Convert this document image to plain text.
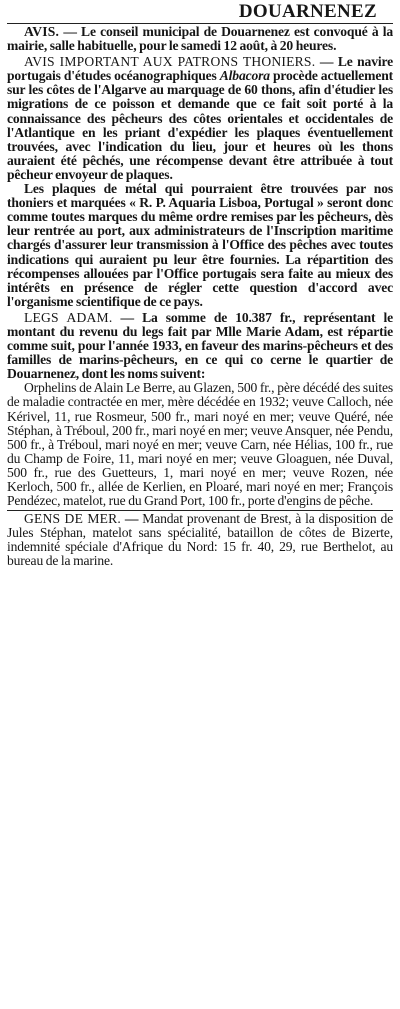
DOUARNENEZ

AVIS. — Le conseil municipal de Douarnenez est convoqué à la mairie, salle habituelle, pour le samedi 12 août, à 20 heures.

AVIS IMPORTANT AUX PATRONS THONIERS. — Le navire portugais d'études océanographiques Albacora procède actuellement sur les côtes de l'Algarve au marquage de 60 thons, afin d'étudier les migrations de ce poisson et demande que ce fait soit porté à la connaissance des pêcheurs des côtes orientales et occidentales de l'Atlantique en les priant d'expédier les plaques éventuellement trouvées, avec l'indication du lieu, jour et heures où les thons auraient été pêchés, une récompense devant être attribuée à tout pêcheur envoyeur de plaques.

Les plaques de métal qui pourraient être trouvées par nos thoniers et marquées « R. P. Aquaria Lisboa, Portugal » seront donc comme toutes marques du même ordre remises par les pêcheurs, dès leur rentrée au port, aux administrateurs de l'Inscription maritime chargés d'assurer leur transmission à l'Office des pêches avec toutes indications qui auraient pu leur être fournies. La répartition des récompenses allouées par l'Office portugais sera faite au mieux des intérêts en présence de régler cette question d'accord avec l'organisme scientifique de ce pays.

LEGS ADAM. — La somme de 10.387 fr., représentant le montant du revenu du legs fait par Mlle Marie Adam, est répartie comme suit, pour l'année 1933, en faveur des marins-pêcheurs et des familles de marins-pêcheurs, en ce qui co cerne le quartier de Douarnenez, dont les noms suivent:

Orphelins de Alain Le Berre, au Glazen, 500 fr., père décédé des suites de maladie contractée en mer, mère décédée en 1932; veuve Calloch, née Kérivel, 11, rue Rosmeur, 500 fr., mari noyé en mer; veuve Quéré, née Stéphan, à Tréboul, 200 fr., mari noyé en mer; veuve Ansquer, née Pendu, 500 fr., à Tréboul, mari noyé en mer; veuve Carn, née Hélias, 100 fr., rue du Champ de Foire, 11, mari noyé en mer; veuve Gloaguen, née Duval, 500 fr., rue des Guetteurs, 1, mari noyé en mer; veuve Rozen, née Kerloch, 500 fr., allée de Kerlien, en Ploaré, mari noyé en mer; François Pendézec, matelot, rue du Grand Port, 100 fr., porte d'engins de pêche.

GENS DE MER. — Mandat provenant de Brest, à la disposition de Jules Stéphan, matelot sans spécialité, bataillon de côtes de Bizerte, indemnité spéciale d'Afrique du Nord: 15 fr. 40, 29, rue Berthelot, au bureau de la marine.
